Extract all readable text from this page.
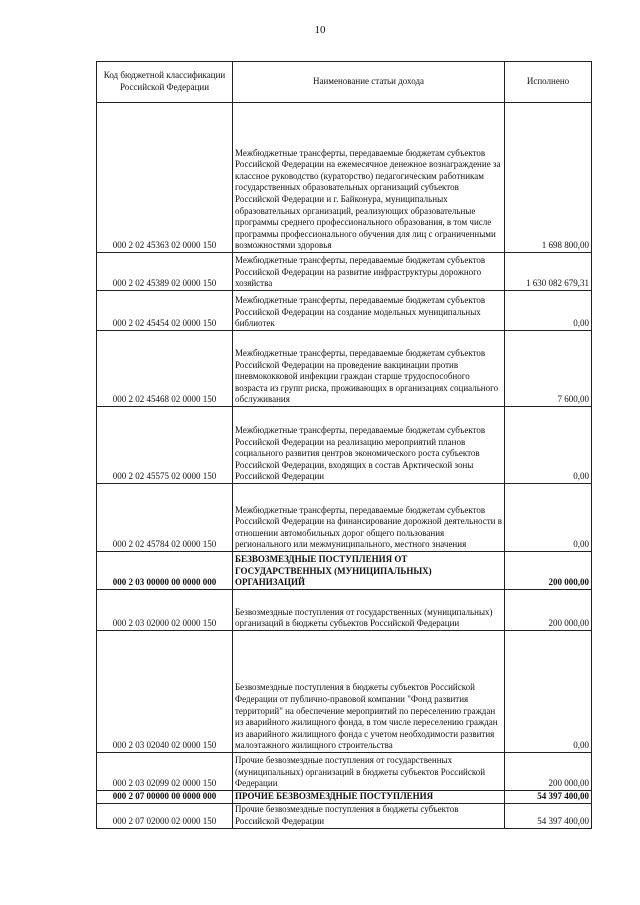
10
Код бюджетной классификации Российской Федерации	Наименование статьи дохода	Исполнено
000 2 02 45363 02 0000 150	Межбюджетные трансферты, передаваемые бюджетам субъектов Российской Федерации на ежемесячное денежное вознаграждение за классное руководство (кураторство) педагогическим работникам государственных образовательных организаций субъектов Российской Федерации и г. Байконура, муниципальных образовательных организаций, реализующих образовательные программы среднего профессионального образования, в том числе программы профессионального обучения для лиц с ограниченными возможностями здоровья	1 698 800,00
000 2 02 45389 02 0000 150	Межбюджетные трансферты, передаваемые бюджетам субъектов Российской Федерации на развитие инфраструктуры дорожного хозяйства	1 630 082 679,31
000 2 02 45454 02 0000 150	Межбюджетные трансферты, передаваемые бюджетам субъектов Российской Федерации на создание модельных муниципальных библиотек	0,00
000 2 02 45468 02 0000 150	Межбюджетные трансферты, передаваемые бюджетам субъектов Российской Федерации на проведение вакцинации против пневмококковой инфекции граждан старше трудоспособного возраста из групп риска, проживающих в организациях социального обслуживания	7 600,00
000 2 02 45575 02 0000 150	Межбюджетные трансферты, передаваемые бюджетам субъектов Российской Федерации на реализацию мероприятий планов социального развития центров экономического роста субъектов Российской Федерации, входящих в состав Арктической зоны Российской Федерации	0,00
000 2 02 45784 02 0000 150	Межбюджетные трансферты, передаваемые бюджетам субъектов Российской Федерации на финансирование дорожной деятельности в отношении автомобильных дорог общего пользования регионального или межмуниципального, местного значения	0,00
000 2 03 00000 00 0000 000	БЕЗВОЗМЕЗДНЫЕ ПОСТУПЛЕНИЯ ОТ ГОСУДАРСТВЕННЫХ (МУНИЦИПАЛЬНЫХ) ОРГАНИЗАЦИЙ	200 000,00
000 2 03 02000 02 0000 150	Безвозмездные поступления от государственных (муниципальных) организаций в бюджеты субъектов Российской Федерации	200 000,00
000 2 03 02040 02 0000 150	Безвозмездные поступления в бюджеты субъектов Российской Федерации от публично-правовой компании "Фонд развития территорий" на обеспечение мероприятий по переселению граждан из аварийного жилищного фонда, в том числе переселению граждан из аварийного жилищного фонда с учетом необходимости развития малоэтажного жилищного строительства	0,00
000 2 03 02099 02 0000 150	Прочие безвозмездные поступления от государственных (муниципальных) организаций в бюджеты субъектов Российской Федерации	200 000,00
000 2 07 00000 00 0000 000	ПРОЧИЕ БЕЗВОЗМЕЗДНЫЕ ПОСТУПЛЕНИЯ	54 397 400,00
000 2 07 02000 02 0000 150	Прочие безвозмездные поступления в бюджеты субъектов Российской Федерации	54 397 400,00
